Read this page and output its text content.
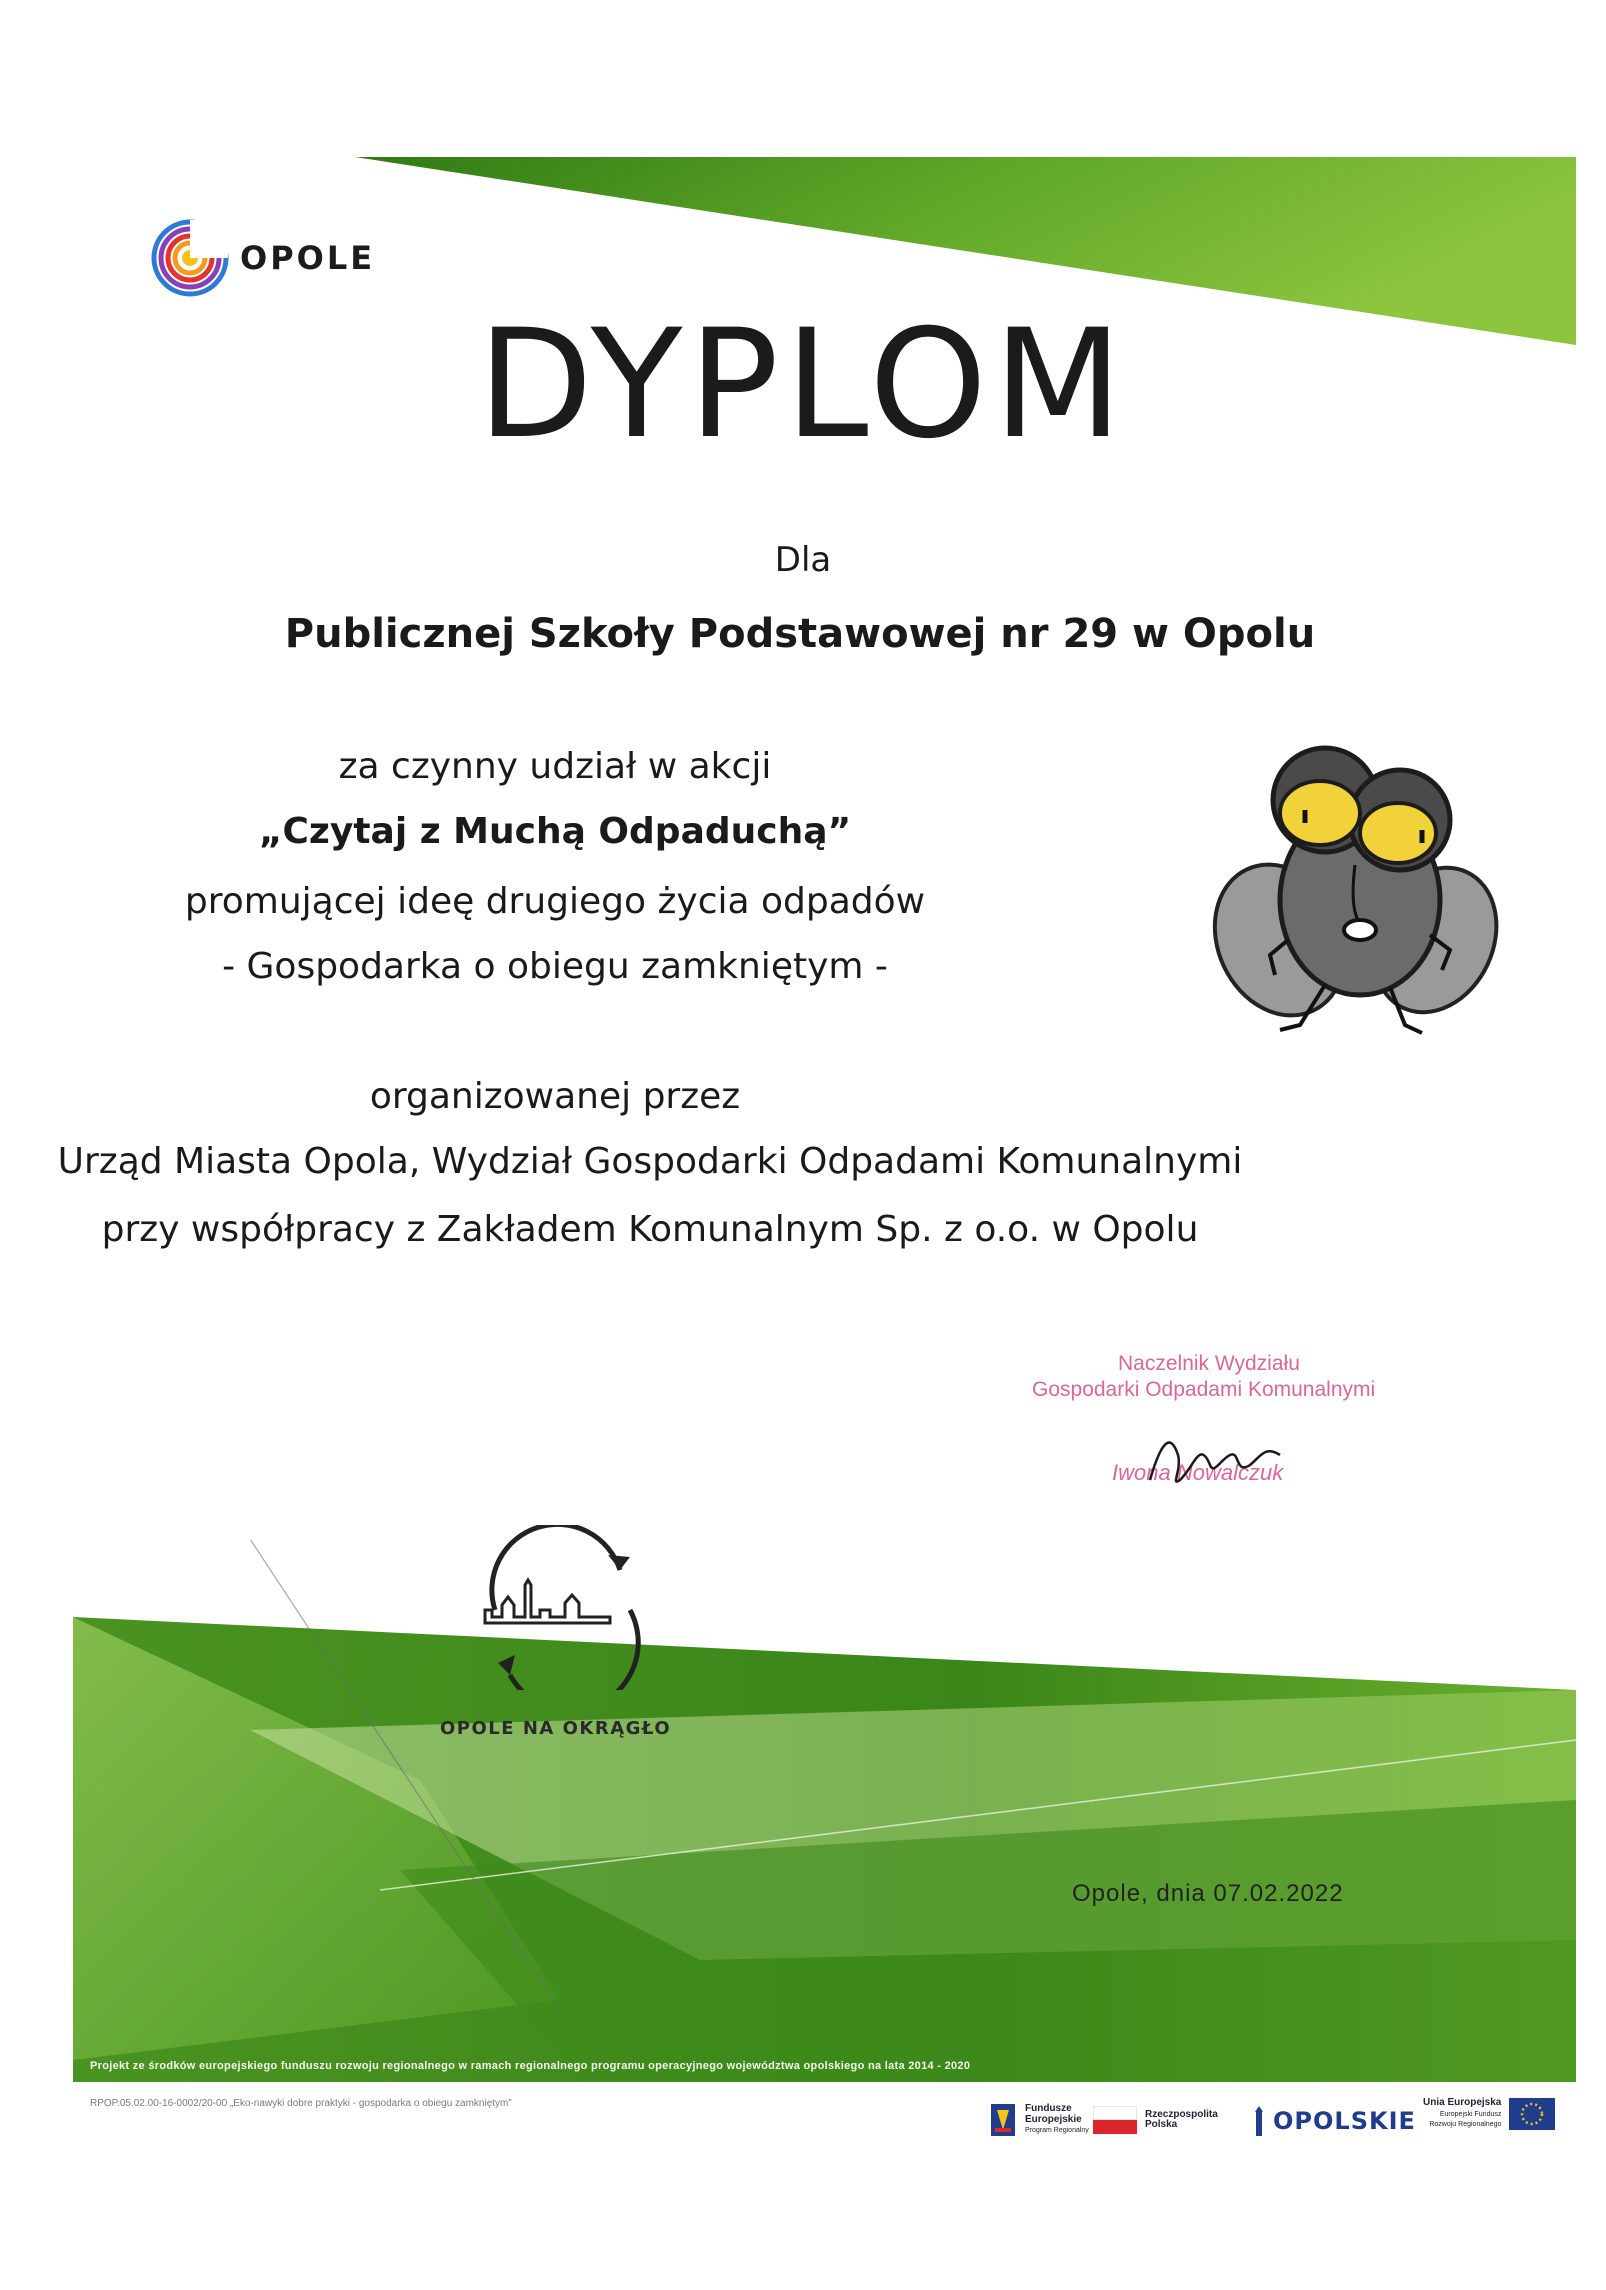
OPOLE
DYPLOM
Dla
Publicznej Szkoły Podstawowej nr 29 w Opolu
za czynny udział w akcji
„Czytaj z Muchą Odpaduchą”
promującej ideę drugiego życia odpadów
- Gospodarka o obiegu zamkniętym -
organizowanej przez
Urząd Miasta Opola, Wydział Gospodarki Odpadami Komunalnymi
przy współpracy z Zakładem Komunalnym Sp. z o.o. w Opolu
Naczelnik Wydziału
Gospodarki Odpadami Komunalnymi
Iwona Nowalczuk
OPOLE NA OKRĄGŁO
Opole, dnia 07.02.2022
Projekt ze środków europejskiego funduszu rozwoju regionalnego w ramach regionalnego programu operacyjnego województwa opolskiego na lata 2014 - 2020
RPOP.05.02.00-16-0002/20-00 „Eko-nawyki dobre praktyki - gospodarka o obiegu zamkniętym”	Fundusze
Europejskie
Program Regionalny
Rzeczpospolita
Polska	OPOLSKIE
Unia Europejska
Europejski Fundusz
Rozwoju Regionalnego
